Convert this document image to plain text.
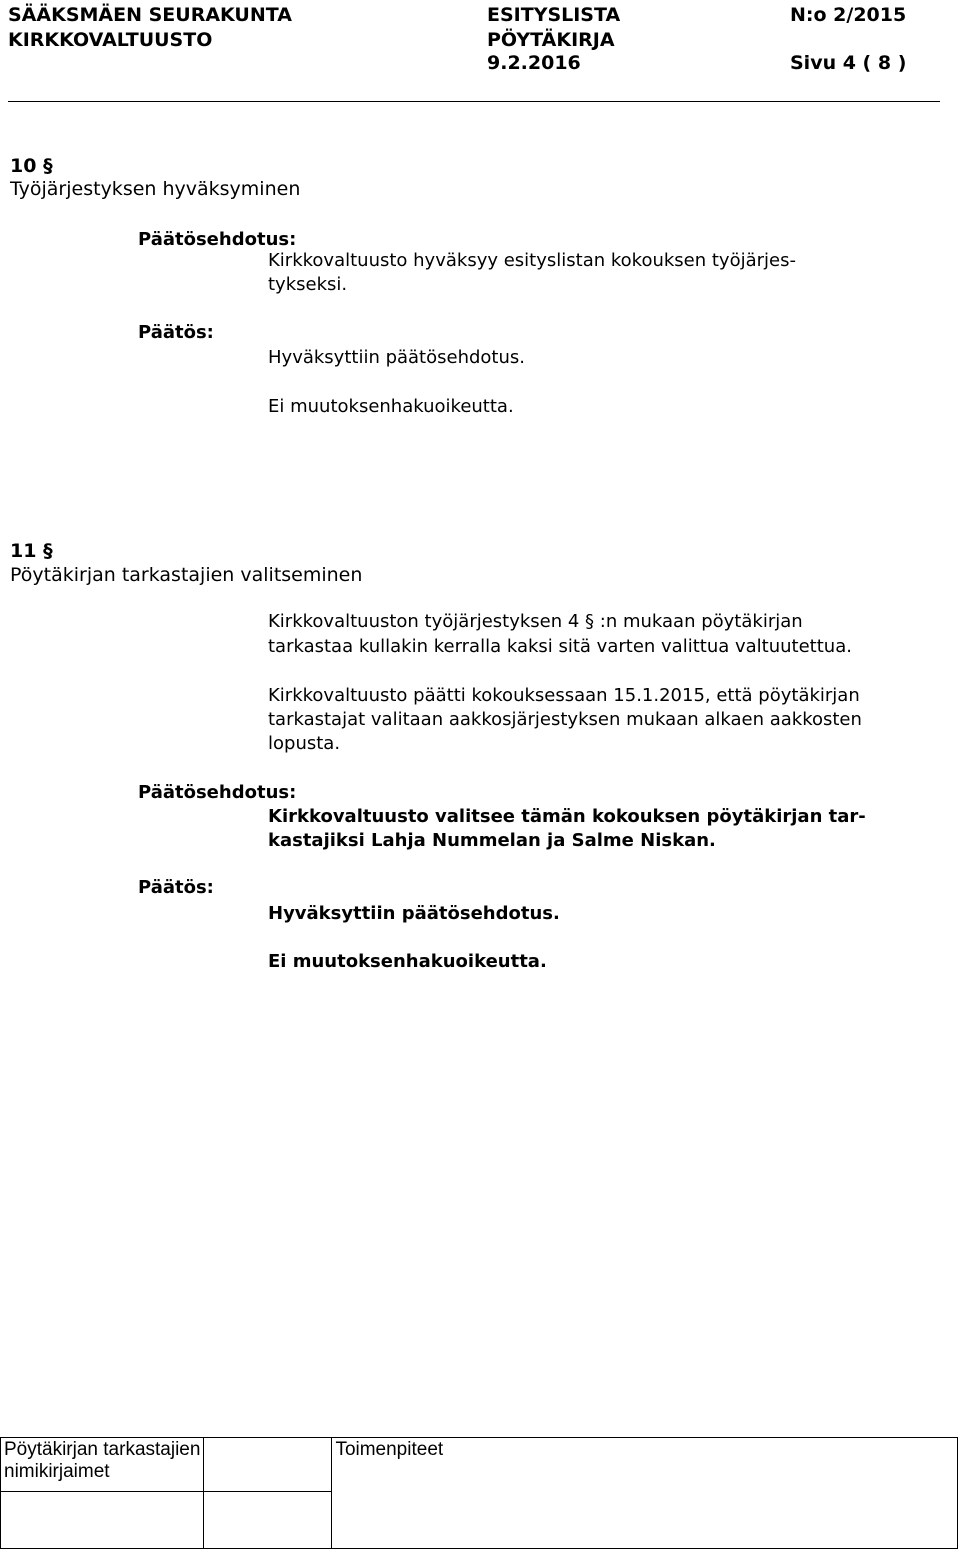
SÄÄKSMÄEN SEURAKUNTA
KIRKKOVALTUUSTO
ESITYSLISTA
PÖYTÄKIRJA
9.2.2016
N:o 2/2015
Sivu 4 ( 8 )
10 §
Työjärjestyksen hyväksyminen
Päätösehdotus:
Kirkkovaltuusto hyväksyy esityslistan kokouksen työjärjes-
tykseksi.
Päätös:
Hyväksyttiin päätösehdotus.
Ei muutoksenhakuoikeutta.
11 §
Pöytäkirjan tarkastajien valitseminen
Kirkkovaltuuston työjärjestyksen 4 § :n mukaan pöytäkirjan
tarkastaa kullakin kerralla kaksi sitä varten valittua valtuutettua.
Kirkkovaltuusto päätti kokouksessaan 15.1.2015, että pöytäkirjan
tarkastajat valitaan aakkosjärjestyksen mukaan alkaen aakkosten
lopusta.
Päätösehdotus:
Kirkkovaltuusto valitsee tämän kokouksen pöytäkirjan tar-
kastajiksi Lahja Nummelan ja Salme Niskan.
Päätös:
Hyväksyttiin päätösehdotus.
Ei muutoksenhakuoikeutta.
Pöytäkirjan tarkastajien
nimikirjaimet		Toimenpiteet
